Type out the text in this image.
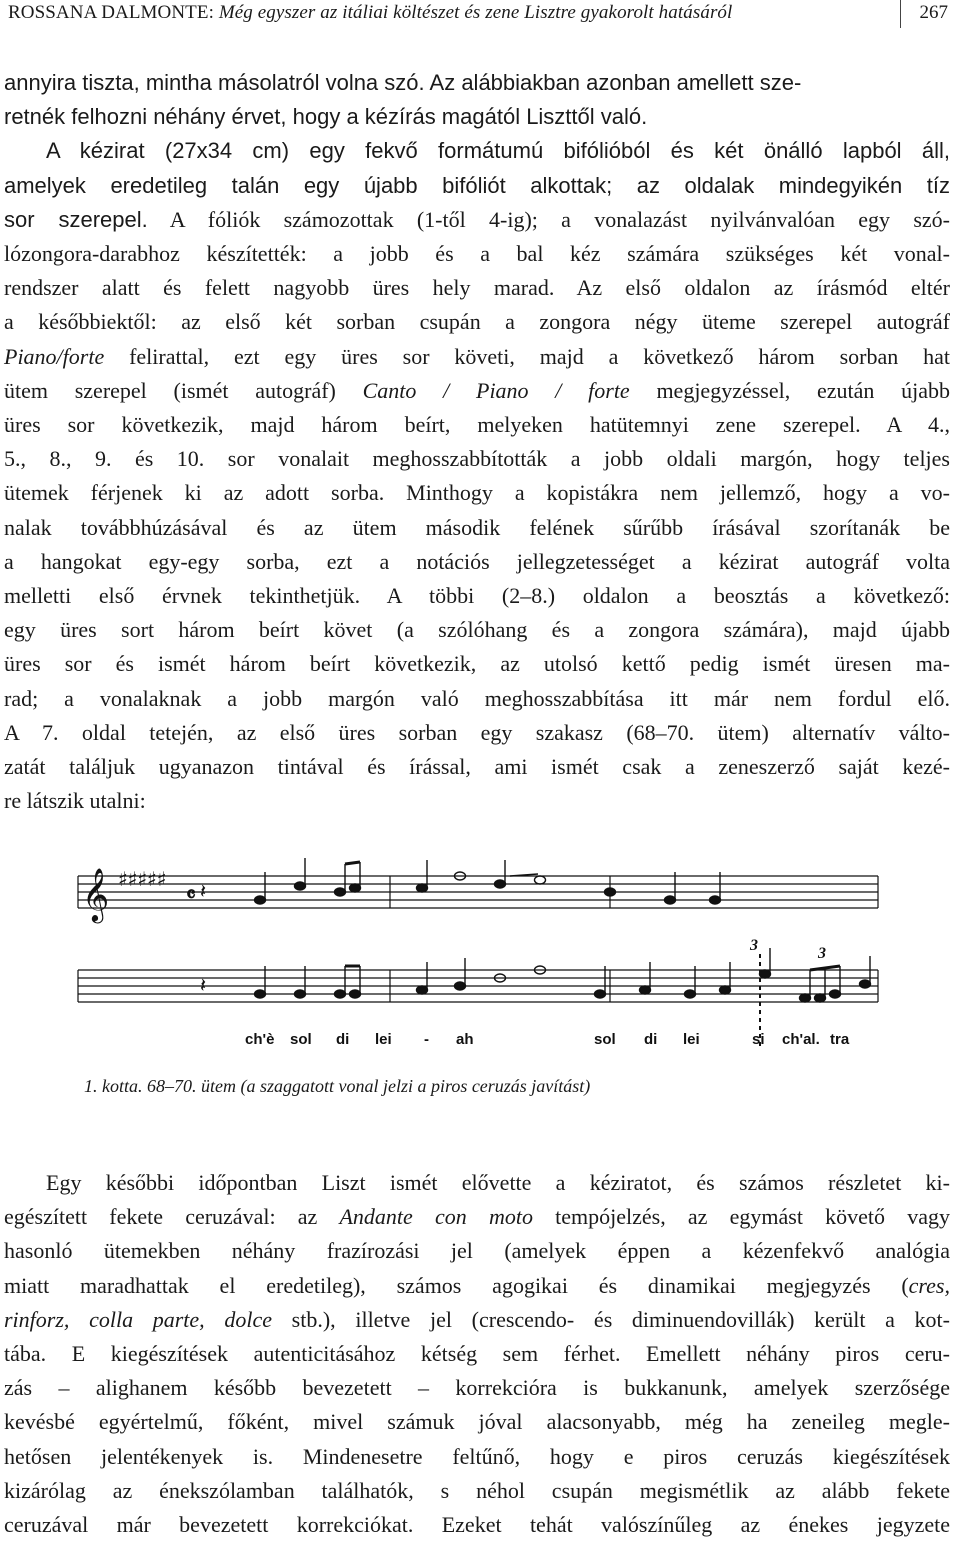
ROSSANA DALMONTE: Még egyszer az itáliai költészet és zene Lisztre gyakorolt hatásáról	267
annyira tiszta, mintha másolatról volna szó. Az alábbiakban azonban amellett sze-
retnék felhozni néhány érvet, hogy a kézírás magától Liszttől való.
A kézirat (27x34 cm) egy fekvő formátumú bifólióból és két önálló lapból áll,
amelyek eredetileg talán egy újabb bifóliót alkottak; az oldalak mindegyikén tíz
sor szerepel. A fóliók számozottak (1-től 4-ig); a vonalazást nyilvánvalóan egy szó-
lózongora-darabhoz készítették: a jobb és a bal kéz számára szükséges két vonal-
rendszer alatt és felett nagyobb üres hely marad. Az első oldalon az írásmód eltér
a későbbiektől: az első két sorban csupán a zongora négy üteme szerepel autográf
Piano/forte felirattal, ezt egy üres sor követi, majd a következő három sorban hat
ütem szerepel (ismét autográf) Canto / Piano / forte megjegyzéssel, ezután újabb
üres sor következik, majd három beírt, melyeken hatütemnyi zene szerepel. A 4.,
5., 8., 9. és 10. sor vonalait meghosszabbították a jobb oldali margón, hogy teljes
ütemek férjenek ki az adott sorba. Minthogy a kopistákra nem jellemző, hogy a vo-
nalak továbbhúzásával és az ütem második felének sűrűbb írásával szorítanák be
a hangokat egy-egy sorba, ezt a notációs jellegzetességet a kézirat autográf volta
melletti első érvnek tekinthetjük. A többi (2–8.) oldalon a beosztás a következő:
egy üres sort három beírt követ (a szólóhang és a zongora számára), majd újabb
üres sor és ismét három beírt következik, az utolsó kettő pedig ismét üresen ma-
rad; a vonalaknak a jobb margón való meghosszabbítása itt már nem fordul elő.
A 7. oldal tetején, az első üres sorban egy szakasz (68–70. ütem) alternatív válto-
zatát találjuk ugyanazon tintával és írással, ami ismét csak a zeneszerző saját kezé-
re látszik utalni:
𝄞 ♯♯♯♯♯
𝄴 𝄽
𝄽
3	3
ch'è sol di lei - ah	sol di lei	si ch'al. tra
1. kotta. 68–70. ütem (a szaggatott vonal jelzi a piros ceruzás javítást)
Egy későbbi időpontban Liszt ismét elővette a kéziratot, és számos részletet ki-
egészített fekete ceruzával: az Andante con moto tempójelzés, az egymást követő vagy
hasonló ütemekben néhány frazírozási jel (amelyek éppen a kézenfekvő analógia
miatt maradhattak el eredetileg), számos agogikai és dinamikai megjegyzés (cres,
rinforz, colla parte, dolce stb.), illetve jel (crescendo- és diminuendovillák) került a kot-
tába. E kiegészítések autenticitásához kétség sem férhet. Emellett néhány piros ceru-
zás – alighanem később bevezetett – korrekcióra is bukkanunk, amelyek szerzősége
kevésbé egyértelmű, főként, mivel számuk jóval alacsonyabb, még ha zeneileg megle-
hetősen jelentékenyek is. Mindenesetre feltűnő, hogy e piros ceruzás kiegészítések
kizárólag az énekszólamban találhatók, s néhol csupán megismétlik az alább fekete
ceruzával már bevezetett korrekciókat. Ezeket tehát valószínűleg az énekes jegyzete
